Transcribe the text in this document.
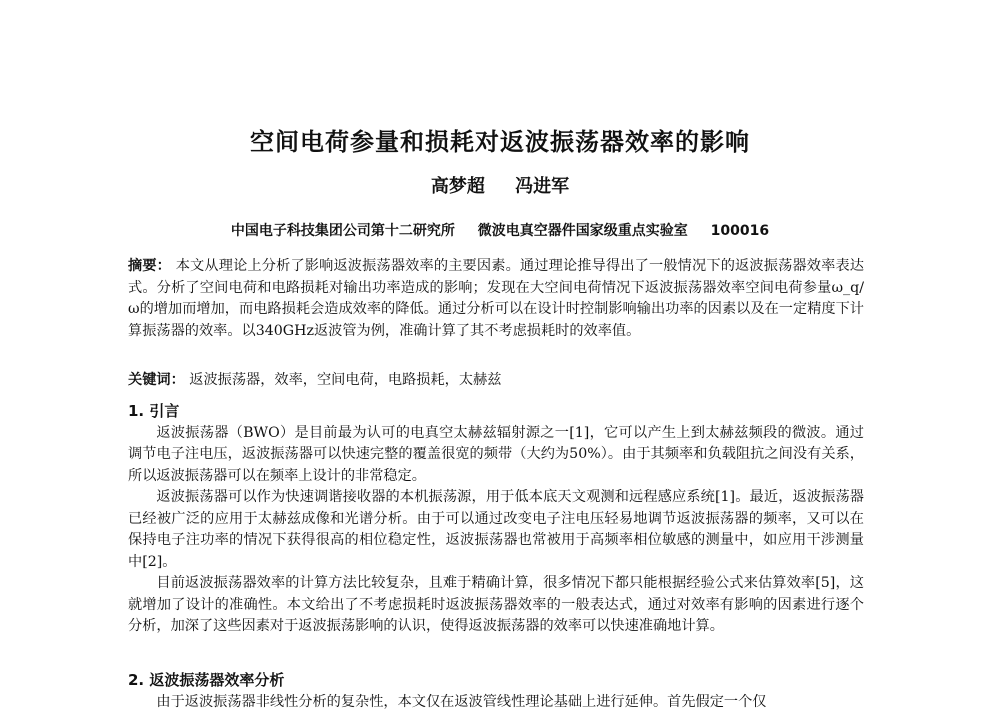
空间电荷参量和损耗对返波振荡器效率的影响
高梦超 冯进军
中国电子科技集团公司第十二研究所 微波电真空器件国家级重点实验室 100016

摘要： 本文从理论上分析了影响返波振荡器效率的主要因素。通过理论推导得出了一般情况下的返波振荡器效率表达式。分析了空间电荷和电路损耗对输出功率造成的影响；发现在大空间电荷情况下返波振荡器效率空间电荷参量ω_q/ω的增加而增加，而电路损耗会造成效率的降低。通过分析可以在设计时控制影响输出功率的因素以及在一定精度下计算振荡器的效率。以340GHz返波管为例，准确计算了其不考虑损耗时的效率值。

关键词： 返波振荡器，效率，空间电荷，电路损耗，太赫兹

1. 引言

返波振荡器（BWO）是目前最为认可的电真空太赫兹辐射源之一[1]，它可以产生上到太赫兹频段的微波。通过调节电子注电压，返波振荡器可以快速完整的覆盖很宽的频带（大约为50%）。由于其频率和负载阻抗之间没有关系，所以返波振荡器可以在频率上设计的非常稳定。

返波振荡器可以作为快速调谐接收器的本机振荡源，用于低本底天文观测和远程感应系统[1]。最近，返波振荡器已经被广泛的应用于太赫兹成像和光谱分析。由于可以通过改变电子注电压轻易地调节返波振荡器的频率，又可以在保持电子注功率的情况下获得很高的相位稳定性，返波振荡器也常被用于高频率相位敏感的测量中，如应用干涉测量中[2]。

目前返波振荡器效率的计算方法比较复杂，且难于精确计算，很多情况下都只能根据经验公式来估算效率[5]，这就增加了设计的准确性。本文给出了不考虑损耗时返波振荡器效率的一般表达式，通过对效率有影响的因素进行逐个分析，加深了这些因素对于返波振荡影响的认识，使得返波振荡器的效率可以快速准确地计算。

2. 返波振荡器效率分析

由于返波振荡器非线性分析的复杂性，本文仅在返波管线性理论基础上进行延伸。首先假定一个仅
